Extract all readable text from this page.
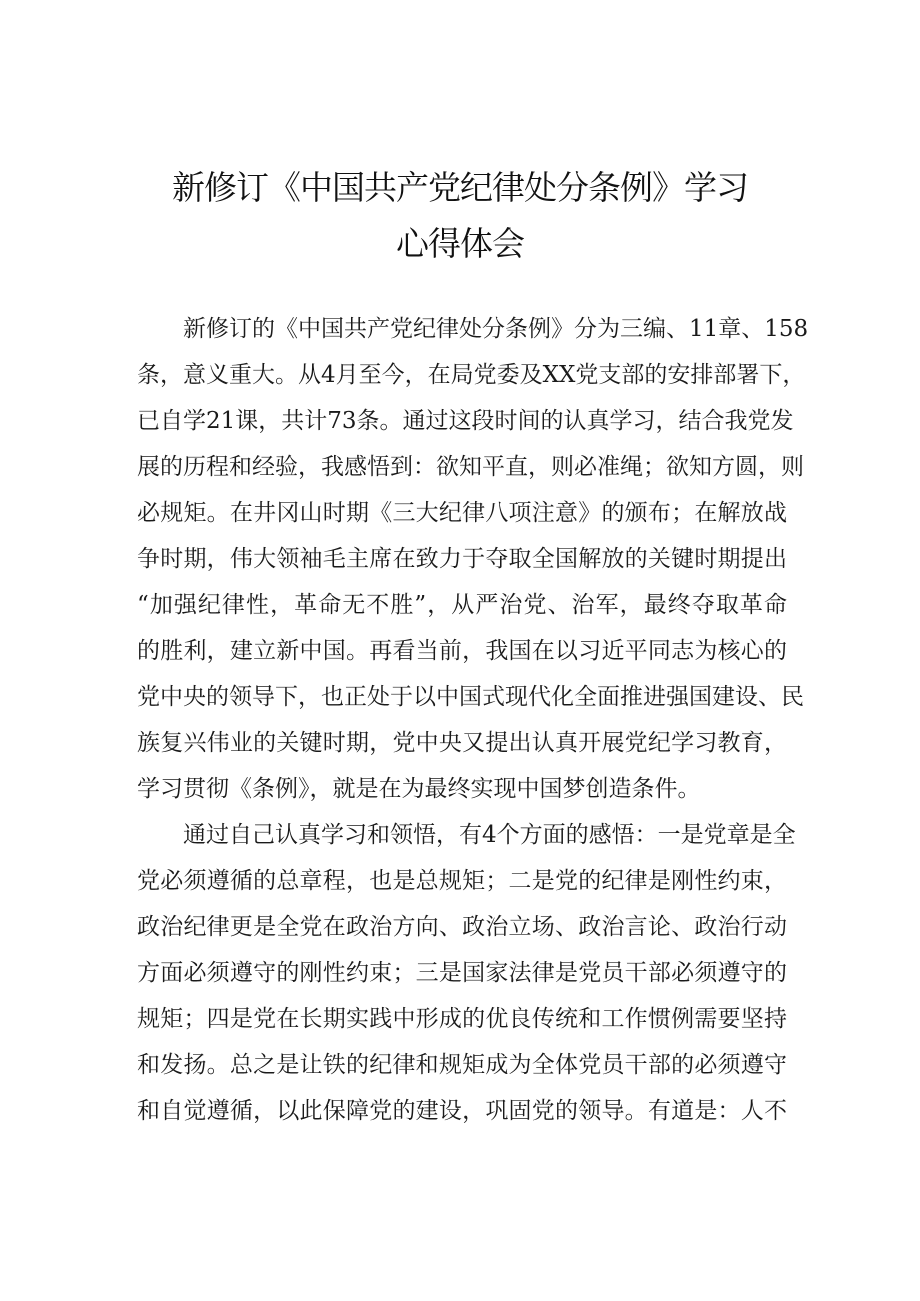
新修订《中国共产党纪律处分条例》学习
心得体会

新修订的《中国共产党纪律处分条例》分为三编、11章、158
条，意义重大。从4月至今，在局党委及XX党支部的安排部署下，
已自学21课，共计73条。通过这段时间的认真学习，结合我党发
展的历程和经验，我感悟到：欲知平直，则必准绳；欲知方圆，则
必规矩。在井冈山时期《三大纪律八项注意》的颁布；在解放战
争时期，伟大领袖毛主席在致力于夺取全国解放的关键时期提出
“加强纪律性，革命无不胜”，从严治党、治军，最终夺取革命
的胜利，建立新中国。再看当前，我国在以习近平同志为核心的
党中央的领导下，也正处于以中国式现代化全面推进强国建设、民
族复兴伟业的关键时期，党中央又提出认真开展党纪学习教育，
学习贯彻《条例》，就是在为最终实现中国梦创造条件。

通过自己认真学习和领悟，有4个方面的感悟：一是党章是全
党必须遵循的总章程，也是总规矩；二是党的纪律是刚性约束，
政治纪律更是全党在政治方向、政治立场、政治言论、政治行动
方面必须遵守的刚性约束；三是国家法律是党员干部必须遵守的
规矩；四是党在长期实践中形成的优良传统和工作惯例需要坚持
和发扬。总之是让铁的纪律和规矩成为全体党员干部的必须遵守
和自觉遵循，以此保障党的建设，巩固党的领导。有道是：人不
